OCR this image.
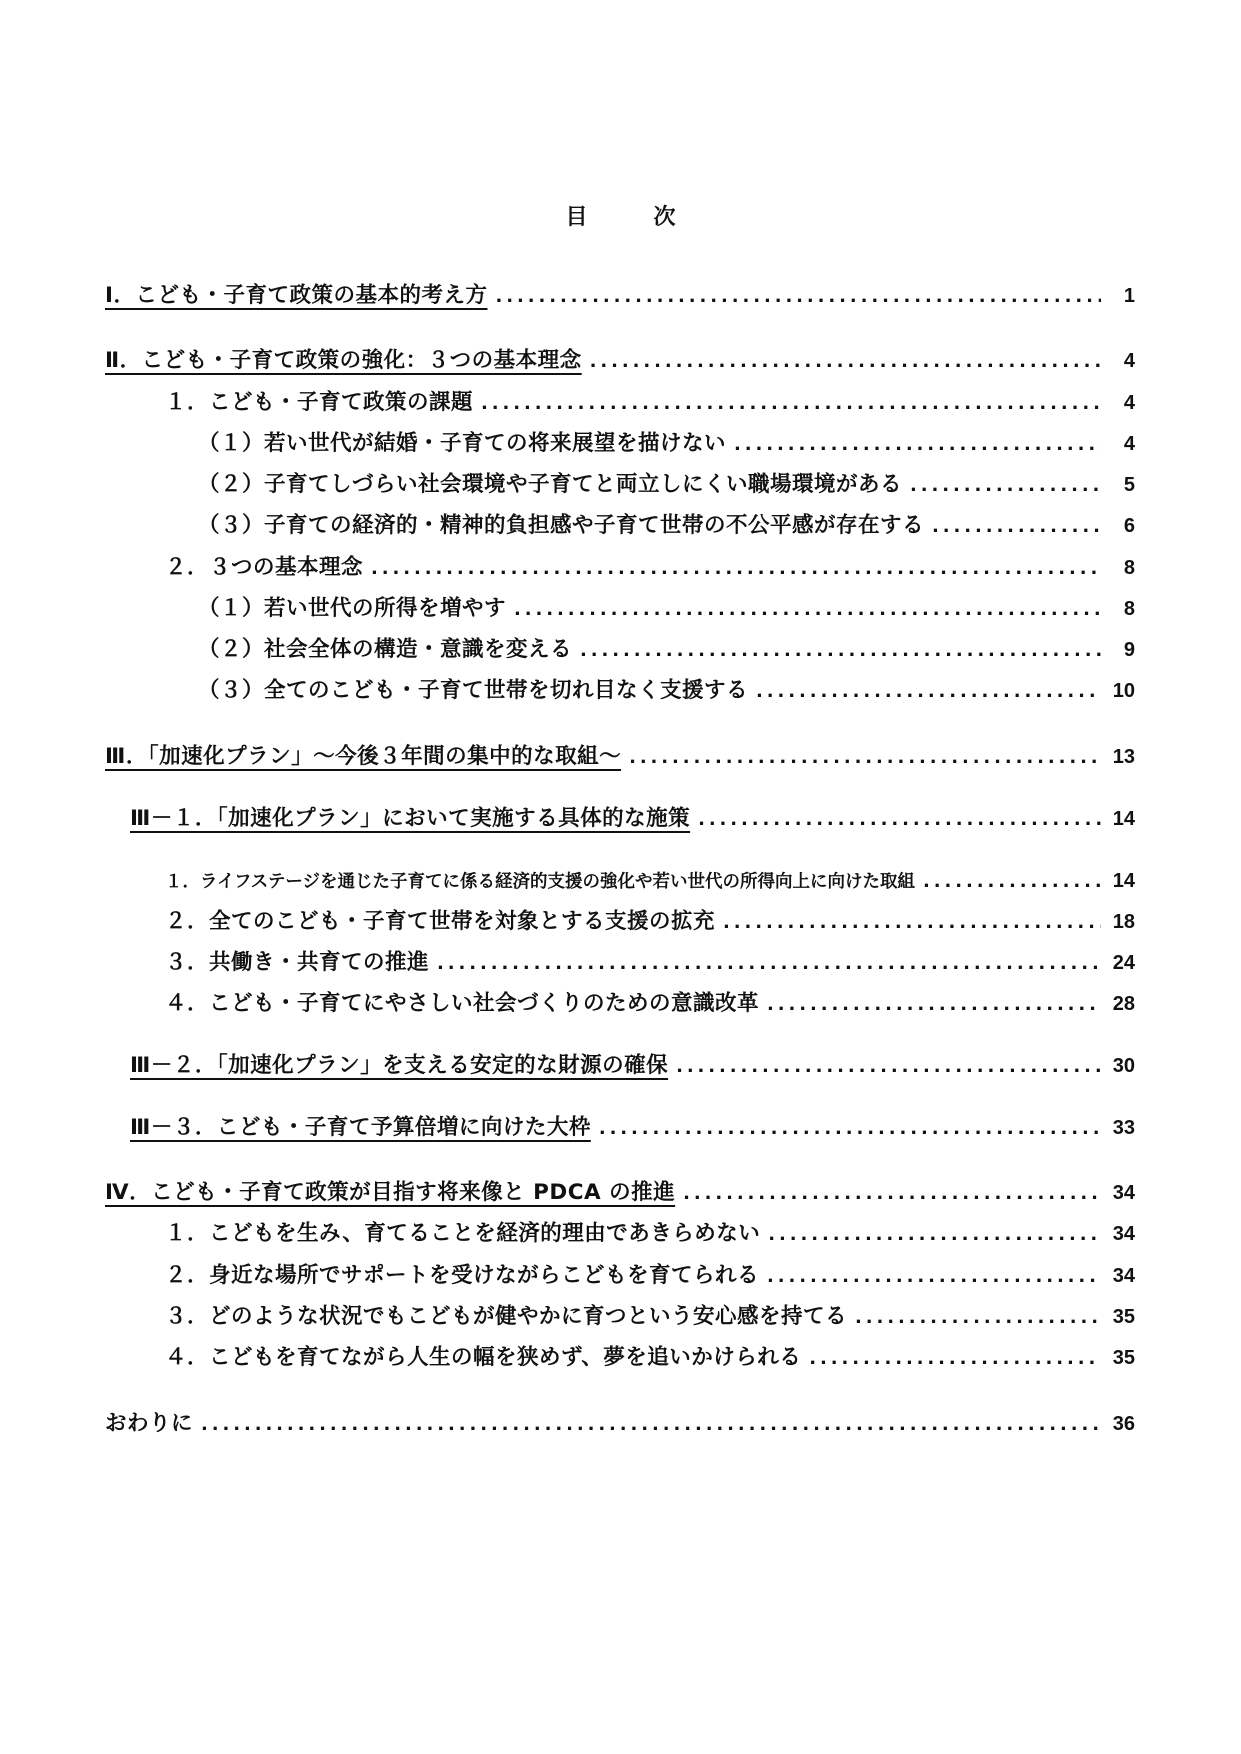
目　次
Ⅰ．こども・子育て政策の基本的考え方 .....	1
Ⅱ．こども・子育て政策の強化：３つの基本理念 .....	4
１．こども・子育て政策の課題 .....	4
（１）若い世代が結婚・子育ての将来展望を描けない .....	4
（２）子育てしづらい社会環境や子育てと両立しにくい職場環境がある .....	5
（３）子育ての経済的・精神的負担感や子育て世帯の不公平感が存在する .....	6
２．３つの基本理念 .....	8
（１）若い世代の所得を増やす .....	8
（２）社会全体の構造・意識を変える .....	9
（３）全てのこども・子育て世帯を切れ目なく支援する .....	10
Ⅲ．「加速化プラン」～今後３年間の集中的な取組～ .....	13
Ⅲ－１．「加速化プラン」において実施する具体的な施策 .....	14
１．ライフステージを通じた子育てに係る経済的支援の強化や若い世代の所得向上に向けた取組 .....	14
２．全てのこども・子育て世帯を対象とする支援の拡充 .....	18
３．共働き・共育ての推進 .....	24
４．こども・子育てにやさしい社会づくりのための意識改革 .....	28
Ⅲ－２．「加速化プラン」を支える安定的な財源の確保 .....	30
Ⅲ－３．こども・子育て予算倍増に向けた大枠 .....	33
Ⅳ．こども・子育て政策が目指す将来像と PDCA の推進 .....	34
１．こどもを生み、育てることを経済的理由であきらめない .....	34
２．身近な場所でサポートを受けながらこどもを育てられる .....	34
３．どのような状況でもこどもが健やかに育つという安心感を持てる .....	35
４．こどもを育てながら人生の幅を狭めず、夢を追いかけられる .....	35
おわりに .....	36
